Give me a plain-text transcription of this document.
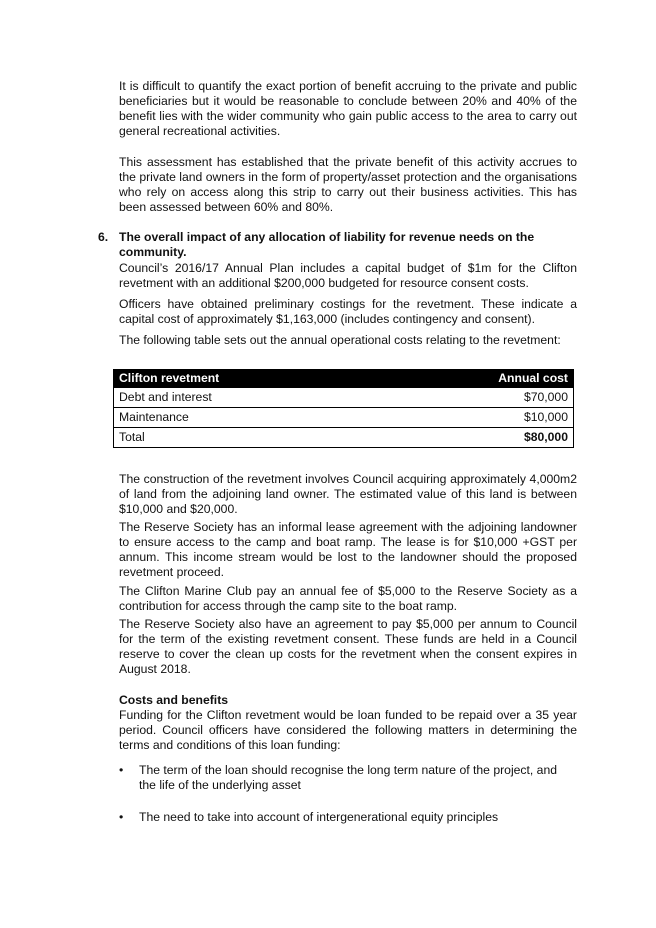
It is difficult to quantify the exact portion of benefit accruing to the private and public beneficiaries but it would be reasonable to conclude between 20% and 40% of the benefit lies with the wider community who gain public access to the area to carry out general recreational activities.

This assessment has established that the private benefit of this activity accrues to the private land owners in the form of property/asset protection and the organisations who rely on access along this strip to carry out their business activities. This has been assessed between 60% and 80%.

6. The overall impact of any allocation of liability for revenue needs on the community.

Council’s 2016/17 Annual Plan includes a capital budget of $1m for the Clifton revetment with an additional $200,000 budgeted for resource consent costs.

Officers have obtained preliminary costings for the revetment. These indicate a capital cost of approximately $1,163,000 (includes contingency and consent).

The following table sets out the annual operational costs relating to the revetment:

Clifton revetment	Annual cost
Debt and interest	$70,000
Maintenance	$10,000
Total	$80,000

The construction of the revetment involves Council acquiring approximately 4,000m2 of land from the adjoining land owner. The estimated value of this land is between $10,000 and $20,000.

The Reserve Society has an informal lease agreement with the adjoining landowner to ensure access to the camp and boat ramp. The lease is for $10,000 +GST per annum. This income stream would be lost to the landowner should the proposed revetment proceed.

The Clifton Marine Club pay an annual fee of $5,000 to the Reserve Society as a contribution for access through the camp site to the boat ramp.

The Reserve Society also have an agreement to pay $5,000 per annum to Council for the term of the existing revetment consent. These funds are held in a Council reserve to cover the clean up costs for the revetment when the consent expires in August 2018.

Costs and benefits

Funding for the Clifton revetment would be loan funded to be repaid over a 35 year period. Council officers have considered the following matters in determining the terms and conditions of this loan funding:

• The term of the loan should recognise the long term nature of the project, and the life of the underlying asset
• The need to take into account of intergenerational equity principles
